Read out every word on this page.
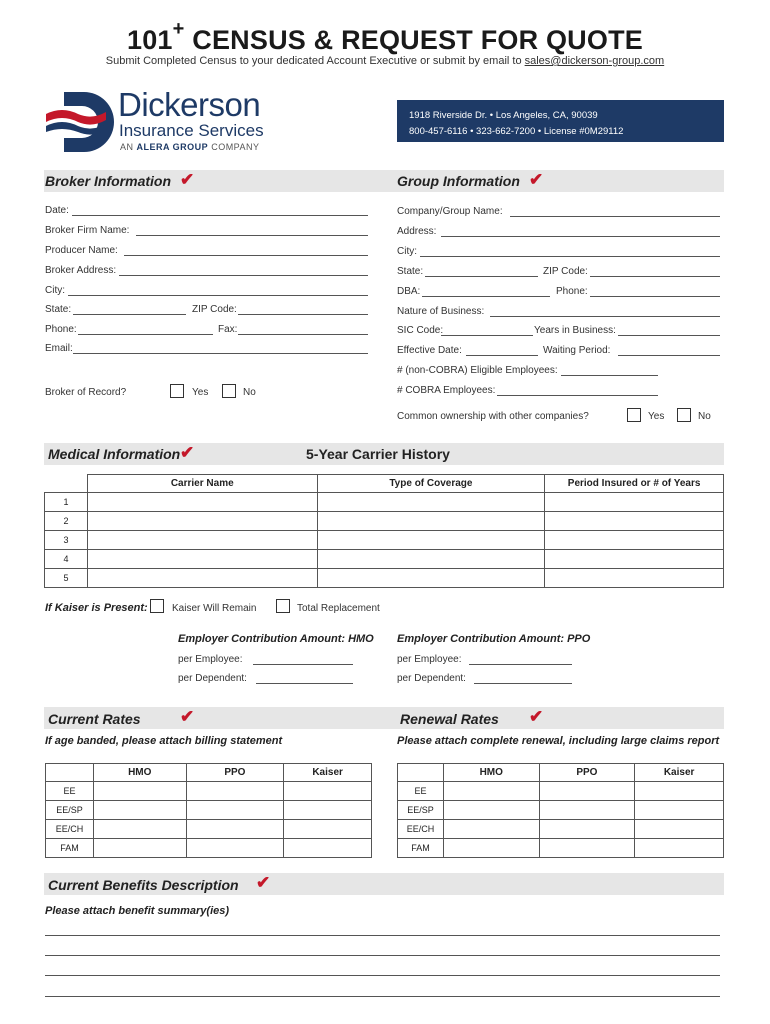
101+ CENSUS & REQUEST FOR QUOTE
Submit Completed Census to your dedicated Account Executive or submit by email to sales@dickerson-group.com
Dickerson
Insurance Services
AN ALERA GROUP COMPANY
1918 Riverside Dr. • Los Angeles, CA, 90039
800-457-6116 • 323-662-7200 • License #0M29112
Broker Information ✔	Group Information ✔
Date:
Broker Firm Name:
Producer Name:
Broker Address:
City:
State:	ZIP Code:
Phone:	Fax:
Email:
Broker of Record?	Yes	No
Company/Group Name:
Address:
City:
State:	ZIP Code:
DBA:	Phone:
Nature of Business:
SIC Code:	Years in Business:
Effective Date:	Waiting Period:
# (non-COBRA) Eligible Employees:
# COBRA Employees:
Common ownership with other companies?	Yes	No
Medical Information ✔	5-Year Carrier History
	Carrier Name	Type of Coverage	Period Insured or # of Years
1			
2			
3			
4			
5			
If Kaiser is Present: Kaiser Will Remain	Total Replacement
Employer Contribution Amount: HMO Employer Contribution Amount: PPO
per Employee:	per Employee:
per Dependent:	per Dependent:
Current Rates ✔	Renewal Rates ✔
If age banded, please attach billing statement	Please attach complete renewal, including large claims report
	HMO	PPO	Kaiser
EE			
EE/SP			
EE/CH			
FAM			
	HMO	PPO	Kaiser
EE			
EE/SP			
EE/CH			
FAM			
Current Benefits Description ✔
Please attach benefit summary(ies)
